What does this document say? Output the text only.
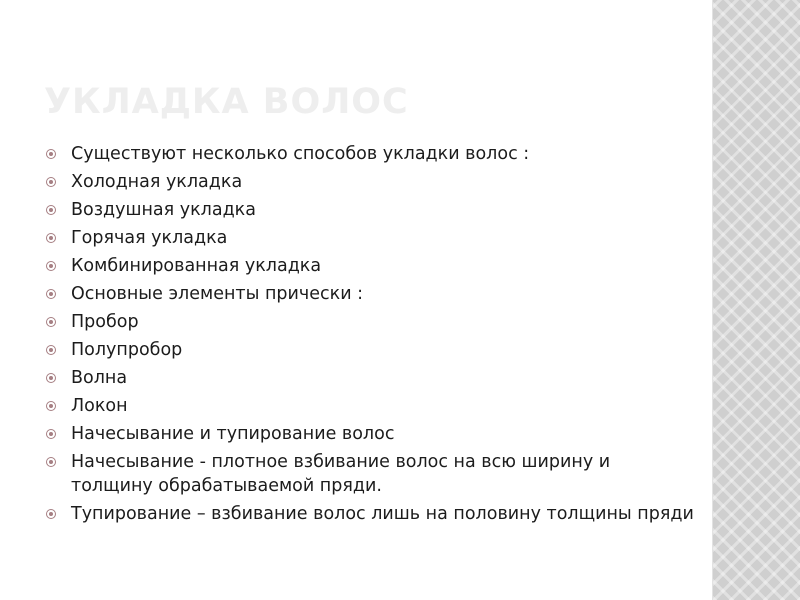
УКЛАДКА ВОЛОС
Существуют несколько способов укладки волос :
Холодная укладка
Воздушная укладка
Горячая укладка
Комбинированная укладка
Основные элементы прически :
Пробор
Полупробор
Волна
Локон
Начесывание и тупирование волос
Начесывание - плотное взбивание волос на всю ширину и толщину обрабатываемой пряди.
Тупирование – взбивание волос лишь на половину толщины пряди
